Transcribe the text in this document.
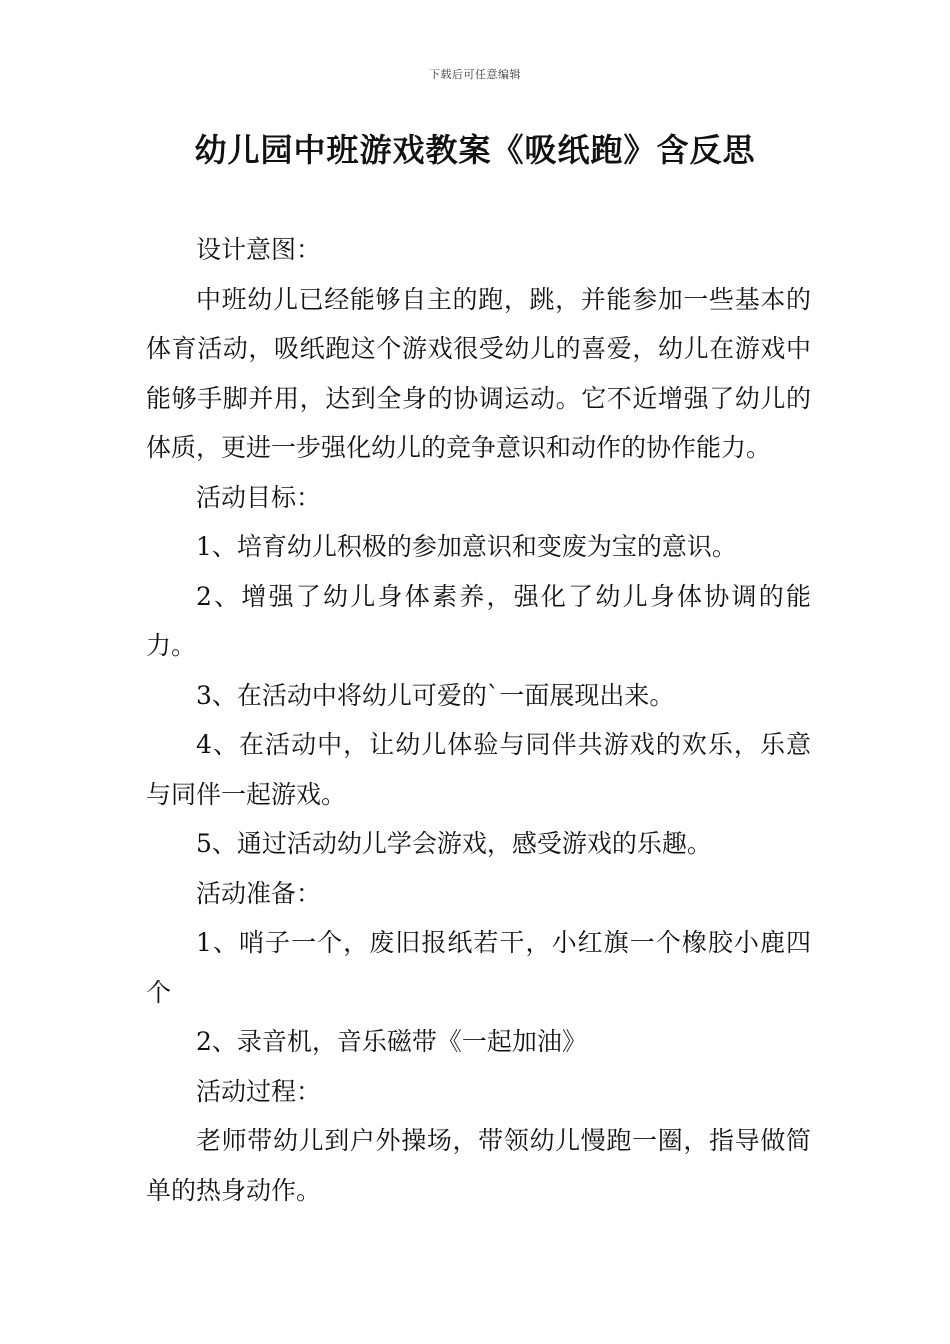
下载后可任意编辑
幼儿园中班游戏教案《吸纸跑》含反思

设计意图：

中班幼儿已经能够自主的跑，跳，并能参加一些基本的体育活动，吸纸跑这个游戏很受幼儿的喜爱，幼儿在游戏中能够手脚并用，达到全身的协调运动。它不近增强了幼儿的体质，更进一步强化幼儿的竞争意识和动作的协作能力。

活动目标：

1、培育幼儿积极的参加意识和变废为宝的意识。

2、增强了幼儿身体素养，强化了幼儿身体协调的能力。

3、在活动中将幼儿可爱的`一面展现出来。

4、在活动中，让幼儿体验与同伴共游戏的欢乐，乐意与同伴一起游戏。

5、通过活动幼儿学会游戏，感受游戏的乐趣。

活动准备：

1、哨子一个，废旧报纸若干，小红旗一个橡胶小鹿四个

2、录音机，音乐磁带《一起加油》

活动过程：

老师带幼儿到户外操场，带领幼儿慢跑一圈，指导做简单的热身动作。
